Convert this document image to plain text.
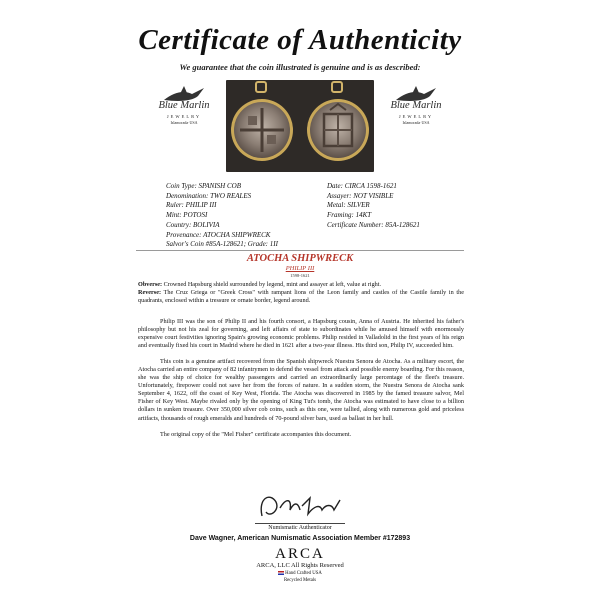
Certificate of Authenticity
We guarantee that the coin illustrated is genuine and is as described:
Blue Marlin
JEWELRY
Islamorada·USA
Blue Marlin
JEWELRY
Islamorada·USA
Coin Type: SPANISH COB
Denomination: TWO REALES
Ruler: PHILIP III
Mint: POTOSI
Country: BOLIVIA
Provenance: ATOCHA SHIPWRECK
Salvor's Coin #85A-128621; Grade: 1II
Date: CIRCA 1598-1621
Assayer: NOT VISIBLE
Metal: SILVER
Framing: 14KT
Certificate Number: 85A-128621
ATOCHA SHIPWRECK
PHILIP III
1598-1621
Obverse: Crowned Hapsburg shield surrounded by legend, mint and assayer at left, value at right.
Reverse: The Cruz Griega or "Greek Cross" with rampant lions of the Leon family and castles of the Castile family in the quadrants, enclosed within a tressure or ornate border, legend around.

Philip III was the son of Philip II and his fourth consort, a Hapsburg cousin, Anna of Austria. He inherited his father's philosophy but not his zeal for governing, and left affairs of state to subordinates while he amused himself with enormously expensive court festivities ignoring Spain's growing economic problems. Philip resided in Valladolid in the first years of his reign and eventually fixed his court in Madrid where he died in 1621 after a two-year illness. His third son, Philip IV, succeeded him.

This coin is a genuine artifact recovered from the Spanish shipwreck Nuestra Senora de Atocha. As a military escort, the Atocha carried an entire company of 82 infantrymen to defend the vessel from attack and possible enemy boarding. For this reason, she was the ship of choice for wealthy passengers and carried an extraordinarily large percentage of the fleet's treasure. Unfortunately, firepower could not save her from the forces of nature. In a sudden storm, the Nuestra Senora de Atocha sank September 4, 1622, off the coast of Key West, Florida. The Atocha was discovered in 1985 by the famed treasure salvor, Mel Fisher of Key West. Maybe rivaled only by the opening of King Tut's tomb, the Atocha was estimated to have close to a billion dollars in sunken treasure. Over 350,000 silver cob coins, such as this one, were tallied, along with numerous gold and priceless artifacts, thousands of rough emeralds and hundreds of 70-pound silver bars, used as ballast in her hull.

The original copy of the "Mel Fisher" certificate accompanies this document.

Numismatic Authenticator
Dave Wagner, American Numismatic Association Member #172893
ARCA
ARCA, LLC All Rights Reserved
Hand Crafted USA
Recycled Metals
